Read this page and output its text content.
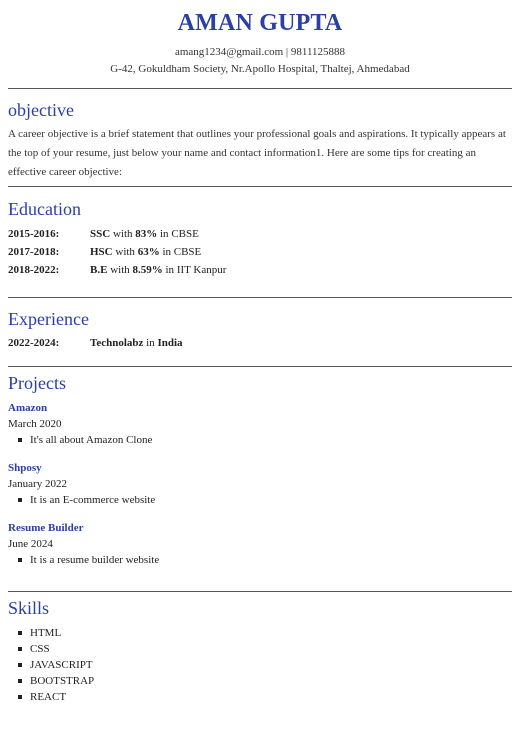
AMAN GUPTA
amang1234@gmail.com | 9811125888
G-42, Gokuldham Society, Nr.Apollo Hospital, Thaltej, Ahmedabad
objective

A career objective is a brief statement that outlines your professional goals and aspirations. It typically appears at the top of your resume, just below your name and contact information1. Here are some tips for creating an effective career objective:

Education
2015-2016:	SSC with 83% in CBSE
2017-2018:	HSC with 63% in CBSE
2018-2022:	B.E with 8.59% in IIT Kanpur
Experience
2022-2024:	Technolabz in India
Projects
Amazon
March 2020
It's all about Amazon Clone
Shposy
January 2022
It is an E-commerce website
Resume Builder
June 2024
It is a resume builder website
Skills
HTML
CSS
JAVASCRIPT
BOOTSTRAP
REACT
